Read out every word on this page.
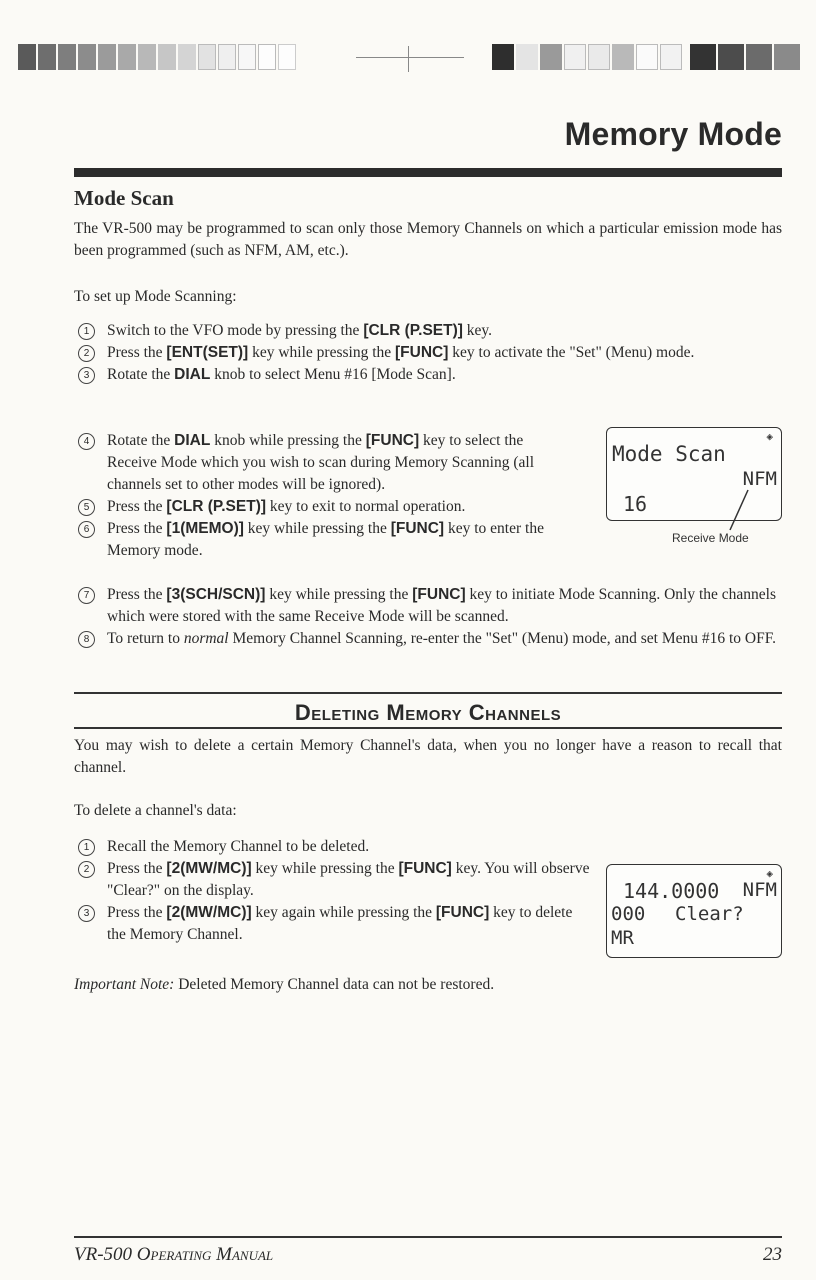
Memory Mode
Mode Scan

The VR-500 may be programmed to scan only those Memory Channels on which a particular emission mode has been programmed (such as NFM, AM, etc.).

To set up Mode Scanning:

1	Switch to the VFO mode by pressing the [CLR (P.SET)] key.
2	Press the [ENT(SET)] key while pressing the [FUNC] key to activate the "Set" (Menu) mode.
3	Rotate the DIAL knob to select Menu #16 [Mode Scan].
4	Rotate the DIAL knob while pressing the [FUNC] key to select the Receive Mode which you wish to scan during Memory Scanning (all channels set to other modes will be ignored).
5	Press the [CLR (P.SET)] key to exit to normal operation.
6	Press the [1(MEMO)] key while pressing the [FUNC] key to enter the Memory mode.
7	Press the [3(SCH/SCN)] key while pressing the [FUNC] key to initiate Mode Scanning. Only the channels which were stored with the same Receive Mode will be scanned.
8	To return to normal Memory Channel Scanning, re-enter the "Set" (Menu) mode, and set Menu #16 to OFF.
◈
Mode Scan
NFM
16
Receive Mode
Deleting Memory Channels

You may wish to delete a certain Memory Channel's data, when you no longer have a reason to recall that channel.

To delete a channel's data:

1	Recall the Memory Channel to be deleted.
2	Press the [2(MW/MC)] key while pressing the [FUNC] key. You will observe "Clear?" on the display.
3	Press the [2(MW/MC)] key again while pressing the [FUNC] key to delete the Memory Channel.
◈
144.0000 NFM
000 Clear?
MR

Important Note: Deleted Memory Channel data can not be restored.

VR-500 Operating Manual	23
